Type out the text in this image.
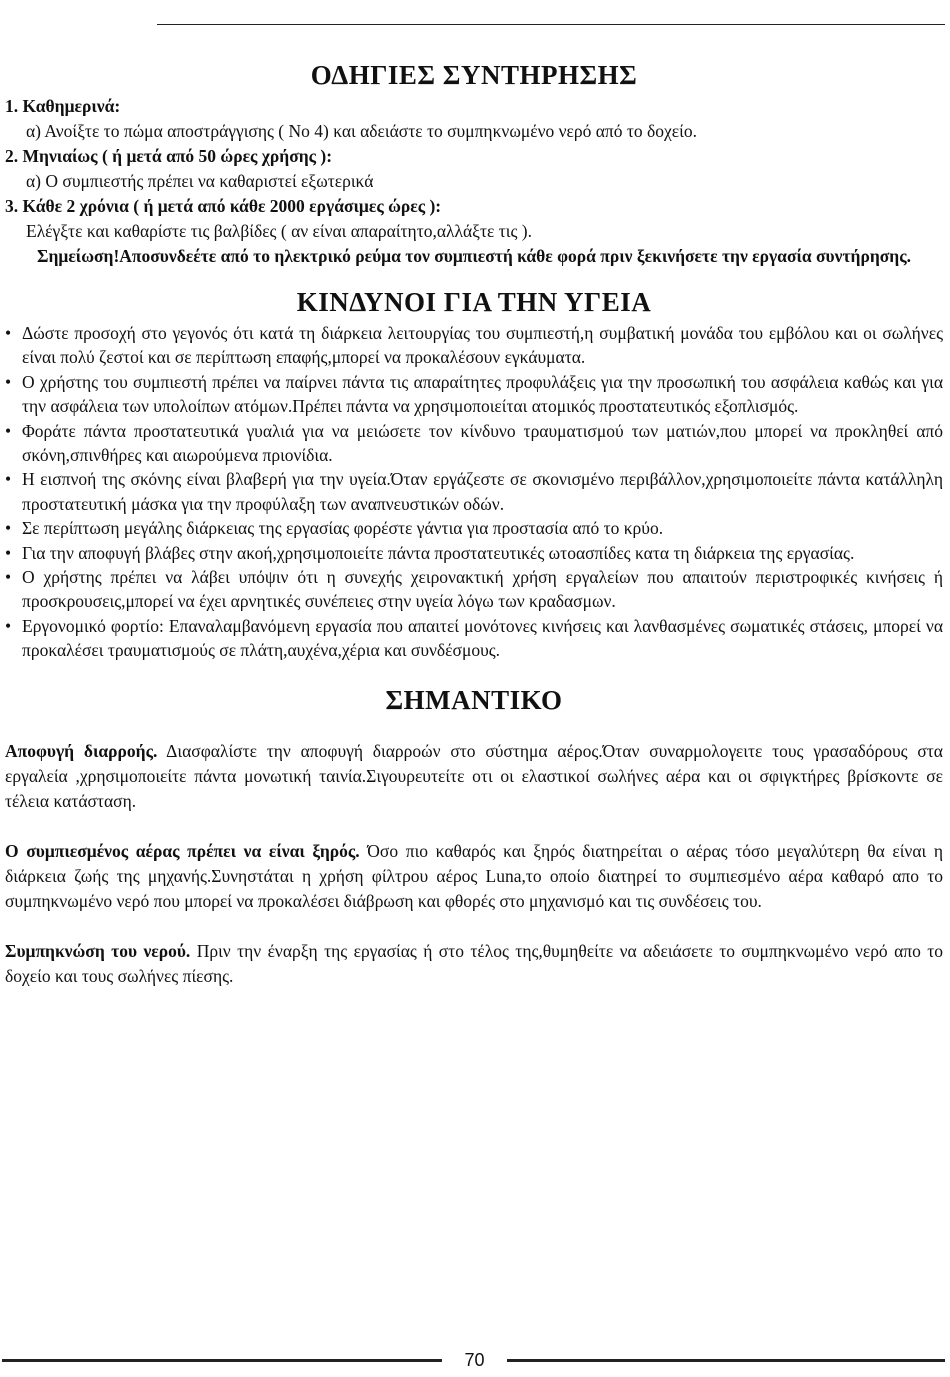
ΟΔΗΓΙΕΣ ΣΥΝΤΗΡΗΣΗΣ

1. Καθημερινά:

α) Ανοίξτε το πώμα αποστράγγισης ( Νο 4) και αδειάστε το συμπηκνωμένο νερό από το δοχείο.

2. Μηνιαίως ( ή μετά από 50 ώρες χρήσης ):

α) Ο συμπιεστής πρέπει να καθαριστεί εξωτερικά

3. Κάθε 2 χρόνια ( ή μετά από κάθε 2000 εργάσιμες ώρες ):

Ελέγξτε και καθαρίστε τις βαλβίδες ( αν είναι απαραίτητο,αλλάξτε τις ).

Σημείωση!Αποσυνδεέτε από το ηλεκτρικό ρεύμα τον συμπιεστή κάθε φορά πριν ξεκινήσετε την εργασία συντήρησης.

ΚΙΝΔΥΝΟΙ ΓΙΑ ΤΗΝ ΥΓΕΙΑ
• Δώστε προσοχή στο γεγονός ότι κατά τη διάρκεια λειτουργίας του συμπιεστή,η συμβατική μονάδα του εμβόλου και οι σωλήνες είναι πολύ ζεστοί και σε περίπτωση επαφής,μπορεί να προκαλέσουν εγκάυματα.
• Ο χρήστης του συμπιεστή πρέπει να παίρνει πάντα τις απαραίτητες προφυλάξεις για την προσωπική του ασφάλεια καθώς και για την ασφάλεια των υπολοίπων ατόμων.Πρέπει πάντα να χρησιμοποιείται ατομικός προστατευτικός εξοπλισμός.
• Φοράτε πάντα προστατευτικά γυαλιά για να μειώσετε τον κίνδυνο τραυματισμού των ματιών,που μπορεί να προκληθεί από σκόνη,σπινθήρες και αιωρούμενα πριονίδια.
• Η εισπνοή της σκόνης είναι βλαβερή για την υγεία.Όταν εργάζεστε σε σκονισμένο περιβάλλον,χρησιμοποιείτε πάντα κατάλληλη προστατευτική μάσκα για την προφύλαξη των αναπνευστικών οδών.
• Σε περίπτωση μεγάλης διάρκειας της εργασίας φορέστε γάντια για προστασία από το κρύο.
• Για την αποφυγή βλάβες στην ακοή,χρησιμοποιείτε πάντα προστατευτικές ωτοασπίδες κατα τη διάρκεια της εργασίας.
• Ο χρήστης πρέπει να λάβει υπόψιν ότι η συνεχής χειρονακτική χρήση εργαλείων που απαιτούν περιστροφικές κινήσεις ή προσκρουσεις,μπορεί να έχει αρνητικές συνέπειες στην υγεία λόγω των κραδασμων.
• Εργονομικό φορτίο: Επαναλαμβανόμενη εργασία που απαιτεί μονότονες κινήσεις και λανθασμένες σωματικές στάσεις, μπορεί να προκαλέσει τραυματισμούς σε πλάτη,αυχένα,χέρια και συνδέσμους.
ΣΗΜΑΝΤΙΚΟ

Αποφυγή διαρροής. Διασφαλίστε την αποφυγή διαρροών στο σύστημα αέρος.Όταν συναρμολογειτε τους γρασαδόρους στα εργαλεία ,χρησιμοποιείτε πάντα μονωτική ταινία.Σιγουρευτείτε οτι οι ελαστικοί σωλήνες αέρα και οι σφιγκτήρες βρίσκοντε σε τέλεια κατάσταση.

Ο συμπιεσμένος αέρας πρέπει να είναι ξηρός. Όσο πιο καθαρός και ξηρός διατηρείται ο αέρας τόσο μεγαλύτερη θα είναι η διάρκεια ζωής της μηχανής.Συνηστάται η χρήση φίλτρου αέρος Luna,το οποίο διατηρεί το συμπιεσμένο αέρα καθαρό απο το συμπηκνωμένο νερό που μπορεί να προκαλέσει διάβρωση και φθορές στο μηχανισμό και τις συνδέσεις του.

Συμπηκνώση του νερού. Πριν την έναρξη της εργασίας ή στο τέλος της,θυμηθείτε να αδειάσετε το συμπηκνωμένο νερό απο το δοχείο και τους σωλήνες πίεσης.

70
